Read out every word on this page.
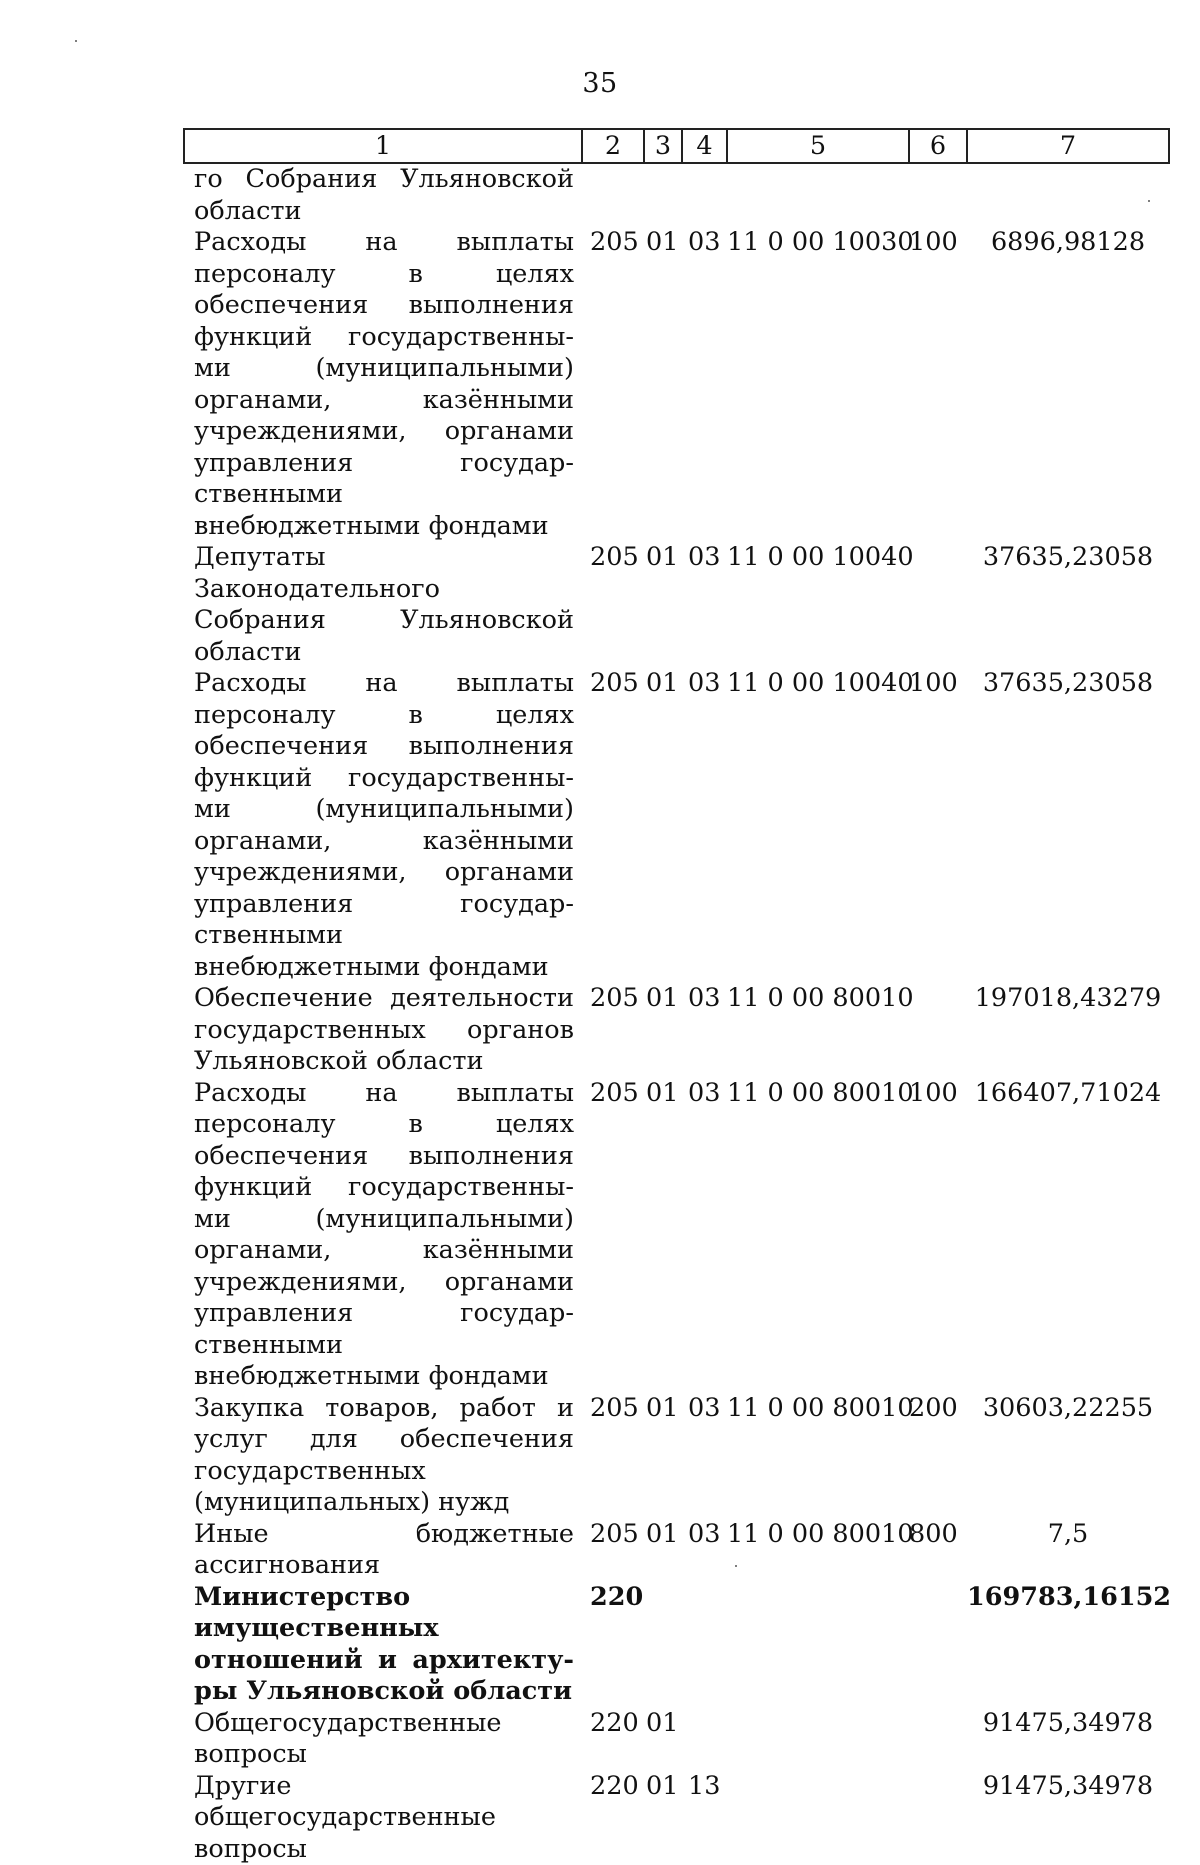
35
1	2	3	4	5	6	7
го Собрания Ульяновской области						
Расходы на выплаты персоналу в целях обеспечения выполнения функций государственными (муниципальными) органами, казёнными учреждениями, органами управления государственными внебюджетными фондами	205	01	03	11 0 00 10030	100	6896,98128
Депутаты Законодательного Собрания Ульяновской области	205	01	03	11 0 00 10040		37635,23058
Расходы на выплаты персоналу в целях обеспечения выполнения функций государственными (муниципальными) органами, казёнными учреждениями, органами управления государственными внебюджетными фондами	205	01	03	11 0 00 10040	100	37635,23058
Обеспечение деятельности государственных органов Ульяновской области	205	01	03	11 0 00 80010		197018,43279
Расходы на выплаты персоналу в целях обеспечения выполнения функций государственными (муниципальными) органами, казёнными учреждениями, органами управления государственными внебюджетными фондами	205	01	03	11 0 00 80010	100	166407,71024
Закупка товаров, работ и услуг для обеспечения государственных (муниципальных) нужд	205	01	03	11 0 00 80010	200	30603,22255
Иные бюджетные ассигнования	205	01	03	11 0 00 80010	800	7,5
Министерство имущественных отношений и архитектуры Ульяновской области	220					169783,16152
Общегосударственные вопросы	220	01				91475,34978
Другие общегосударственные вопросы	220	01	13			91475,34978
